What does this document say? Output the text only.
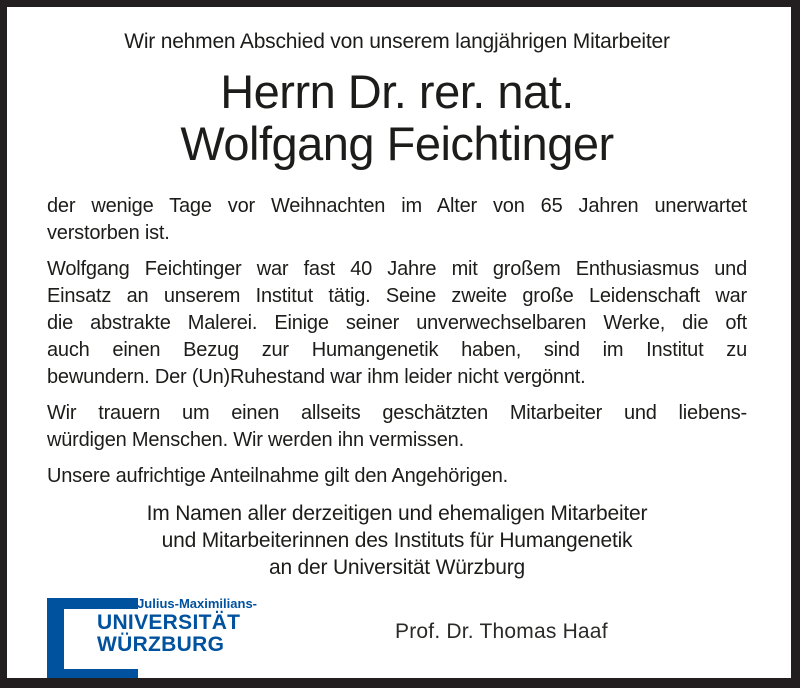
Wir nehmen Abschied von unserem langjährigen Mitarbeiter
Herrn Dr. rer. nat.
Wolfgang Feichtinger

der wenige Tage vor Weihnachten im Alter von 65 Jahren unerwartet
verstorben ist.

Wolfgang Feichtinger war fast 40 Jahre mit großem Enthusiasmus und
Einsatz an unserem Institut tätig. Seine zweite große Leidenschaft war
die abstrakte Malerei. Einige seiner unverwechselbaren Werke, die oft
auch einen Bezug zur Humangenetik haben, sind im Institut zu
bewundern. Der (Un)Ruhestand war ihm leider nicht vergönnt.

Wir trauern um einen allseits geschätzten Mitarbeiter und liebens-
würdigen Menschen. Wir werden ihn vermissen.

Unsere aufrichtige Anteilnahme gilt den Angehörigen.

Im Namen aller derzeitigen und ehemaligen Mitarbeiter
und Mitarbeiterinnen des Instituts für Humangenetik
an der Universität Würzburg
Julius-Maximilians-
UNIVERSITÄT
WÜRZBURG
Prof. Dr. Thomas Haaf
